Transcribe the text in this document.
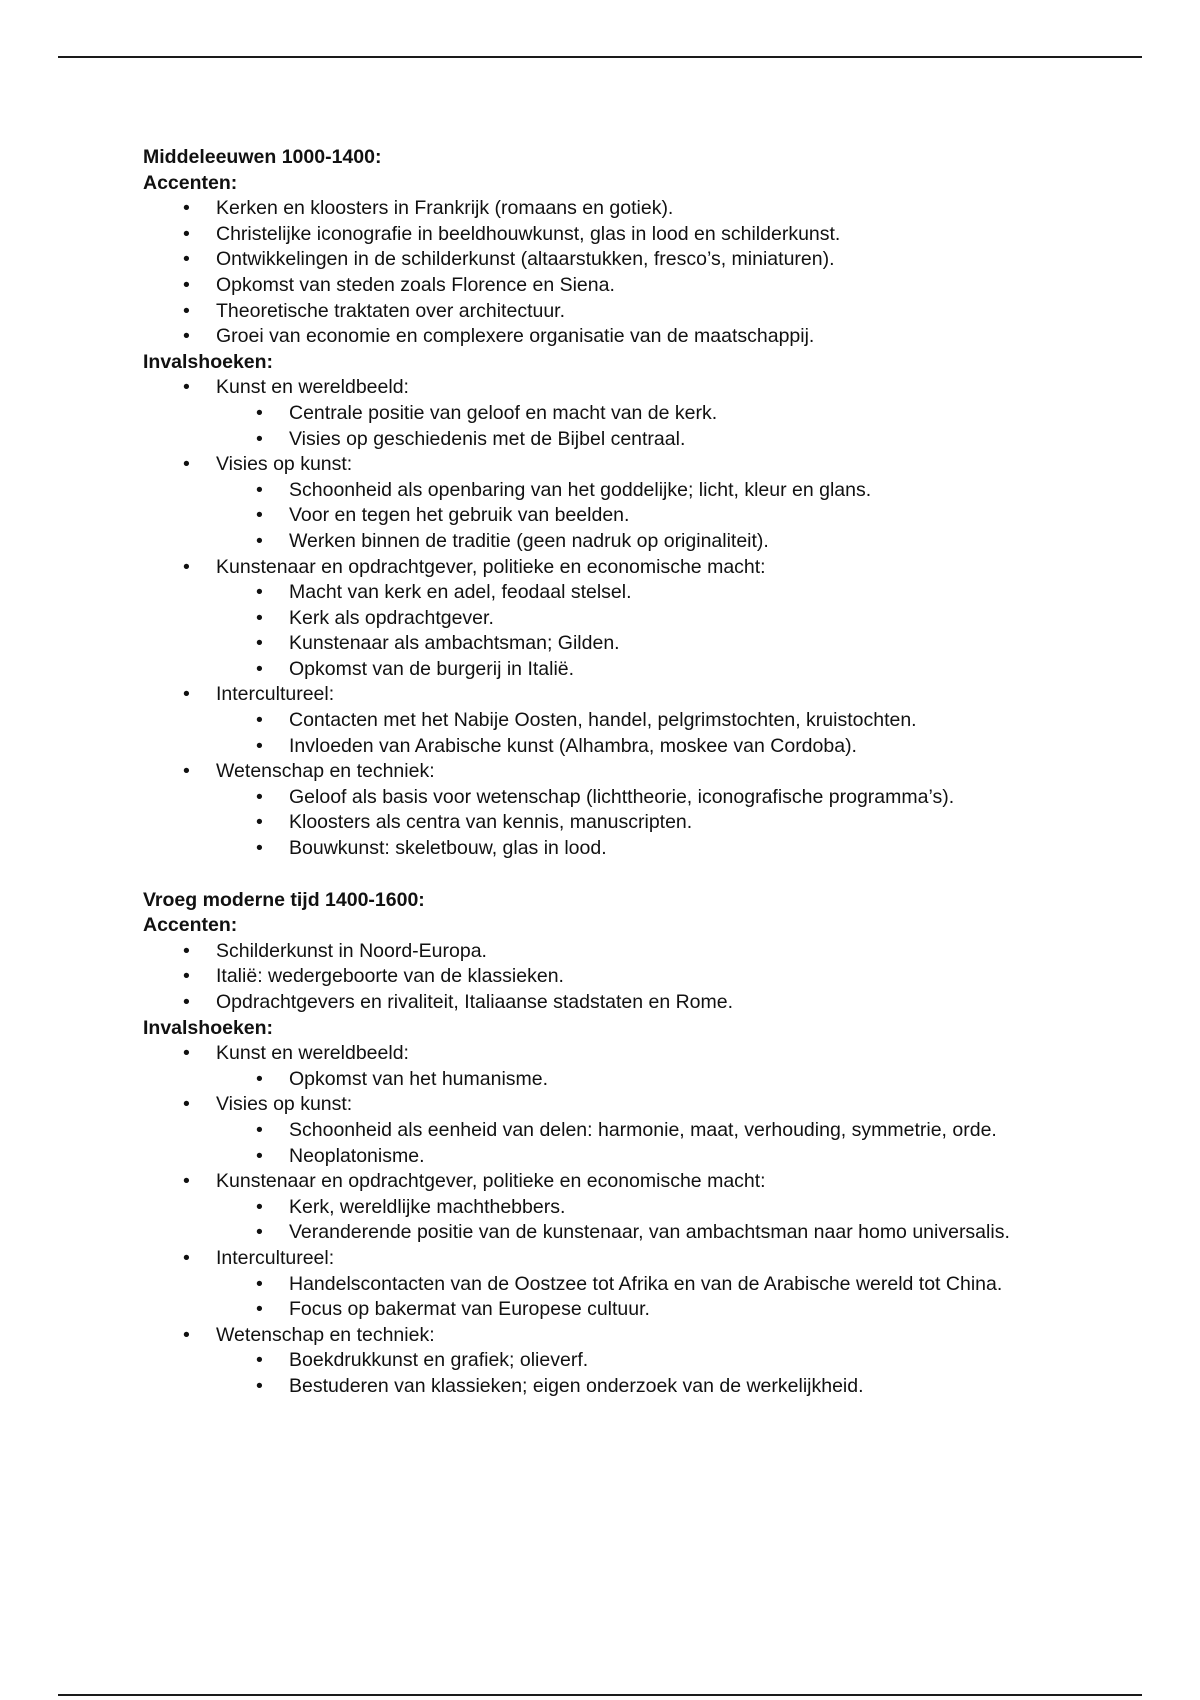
Middeleeuwen 1000-1400:

Accenten:

• Kerken en kloosters in Frankrijk (romaans en gotiek).
• Christelijke iconografie in beeldhouwkunst, glas in lood en schilderkunst.
• Ontwikkelingen in de schilderkunst (altaarstukken, fresco’s, miniaturen).
• Opkomst van steden zoals Florence en Siena.
• Theoretische traktaten over architectuur.
• Groei van economie en complexere organisatie van de maatschappij.

Invalshoeken:

• Kunst en wereldbeeld:
• Centrale positie van geloof en macht van de kerk.
• Visies op geschiedenis met de Bijbel centraal.
• Visies op kunst:
• Schoonheid als openbaring van het goddelijke; licht, kleur en glans.
• Voor en tegen het gebruik van beelden.
• Werken binnen de traditie (geen nadruk op originaliteit).
• Kunstenaar en opdrachtgever, politieke en economische macht:
• Macht van kerk en adel, feodaal stelsel.
• Kerk als opdrachtgever.
• Kunstenaar als ambachtsman; Gilden.
• Opkomst van de burgerij in Italië.
• Intercultureel:
• Contacten met het Nabije Oosten, handel, pelgrimstochten, kruistochten.
• Invloeden van Arabische kunst (Alhambra, moskee van Cordoba).
• Wetenschap en techniek:
• Geloof als basis voor wetenschap (lichttheorie, iconografische programma’s).
• Kloosters als centra van kennis, manuscripten.
• Bouwkunst: skeletbouw, glas in lood.

Vroeg moderne tijd 1400-1600:

Accenten:

• Schilderkunst in Noord-Europa.
• Italië: wedergeboorte van de klassieken.
• Opdrachtgevers en rivaliteit, Italiaanse stadstaten en Rome.

Invalshoeken:

• Kunst en wereldbeeld:
• Opkomst van het humanisme.
• Visies op kunst:
• Schoonheid als eenheid van delen: harmonie, maat, verhouding, symmetrie, orde.
• Neoplatonisme.
• Kunstenaar en opdrachtgever, politieke en economische macht:
• Kerk, wereldlijke machthebbers.
• Veranderende positie van de kunstenaar, van ambachtsman naar homo universalis.
• Intercultureel:
• Handelscontacten van de Oostzee tot Afrika en van de Arabische wereld tot China.
• Focus op bakermat van Europese cultuur.
• Wetenschap en techniek:
• Boekdrukkunst en grafiek; olieverf.
• Bestuderen van klassieken; eigen onderzoek van de werkelijkheid.
